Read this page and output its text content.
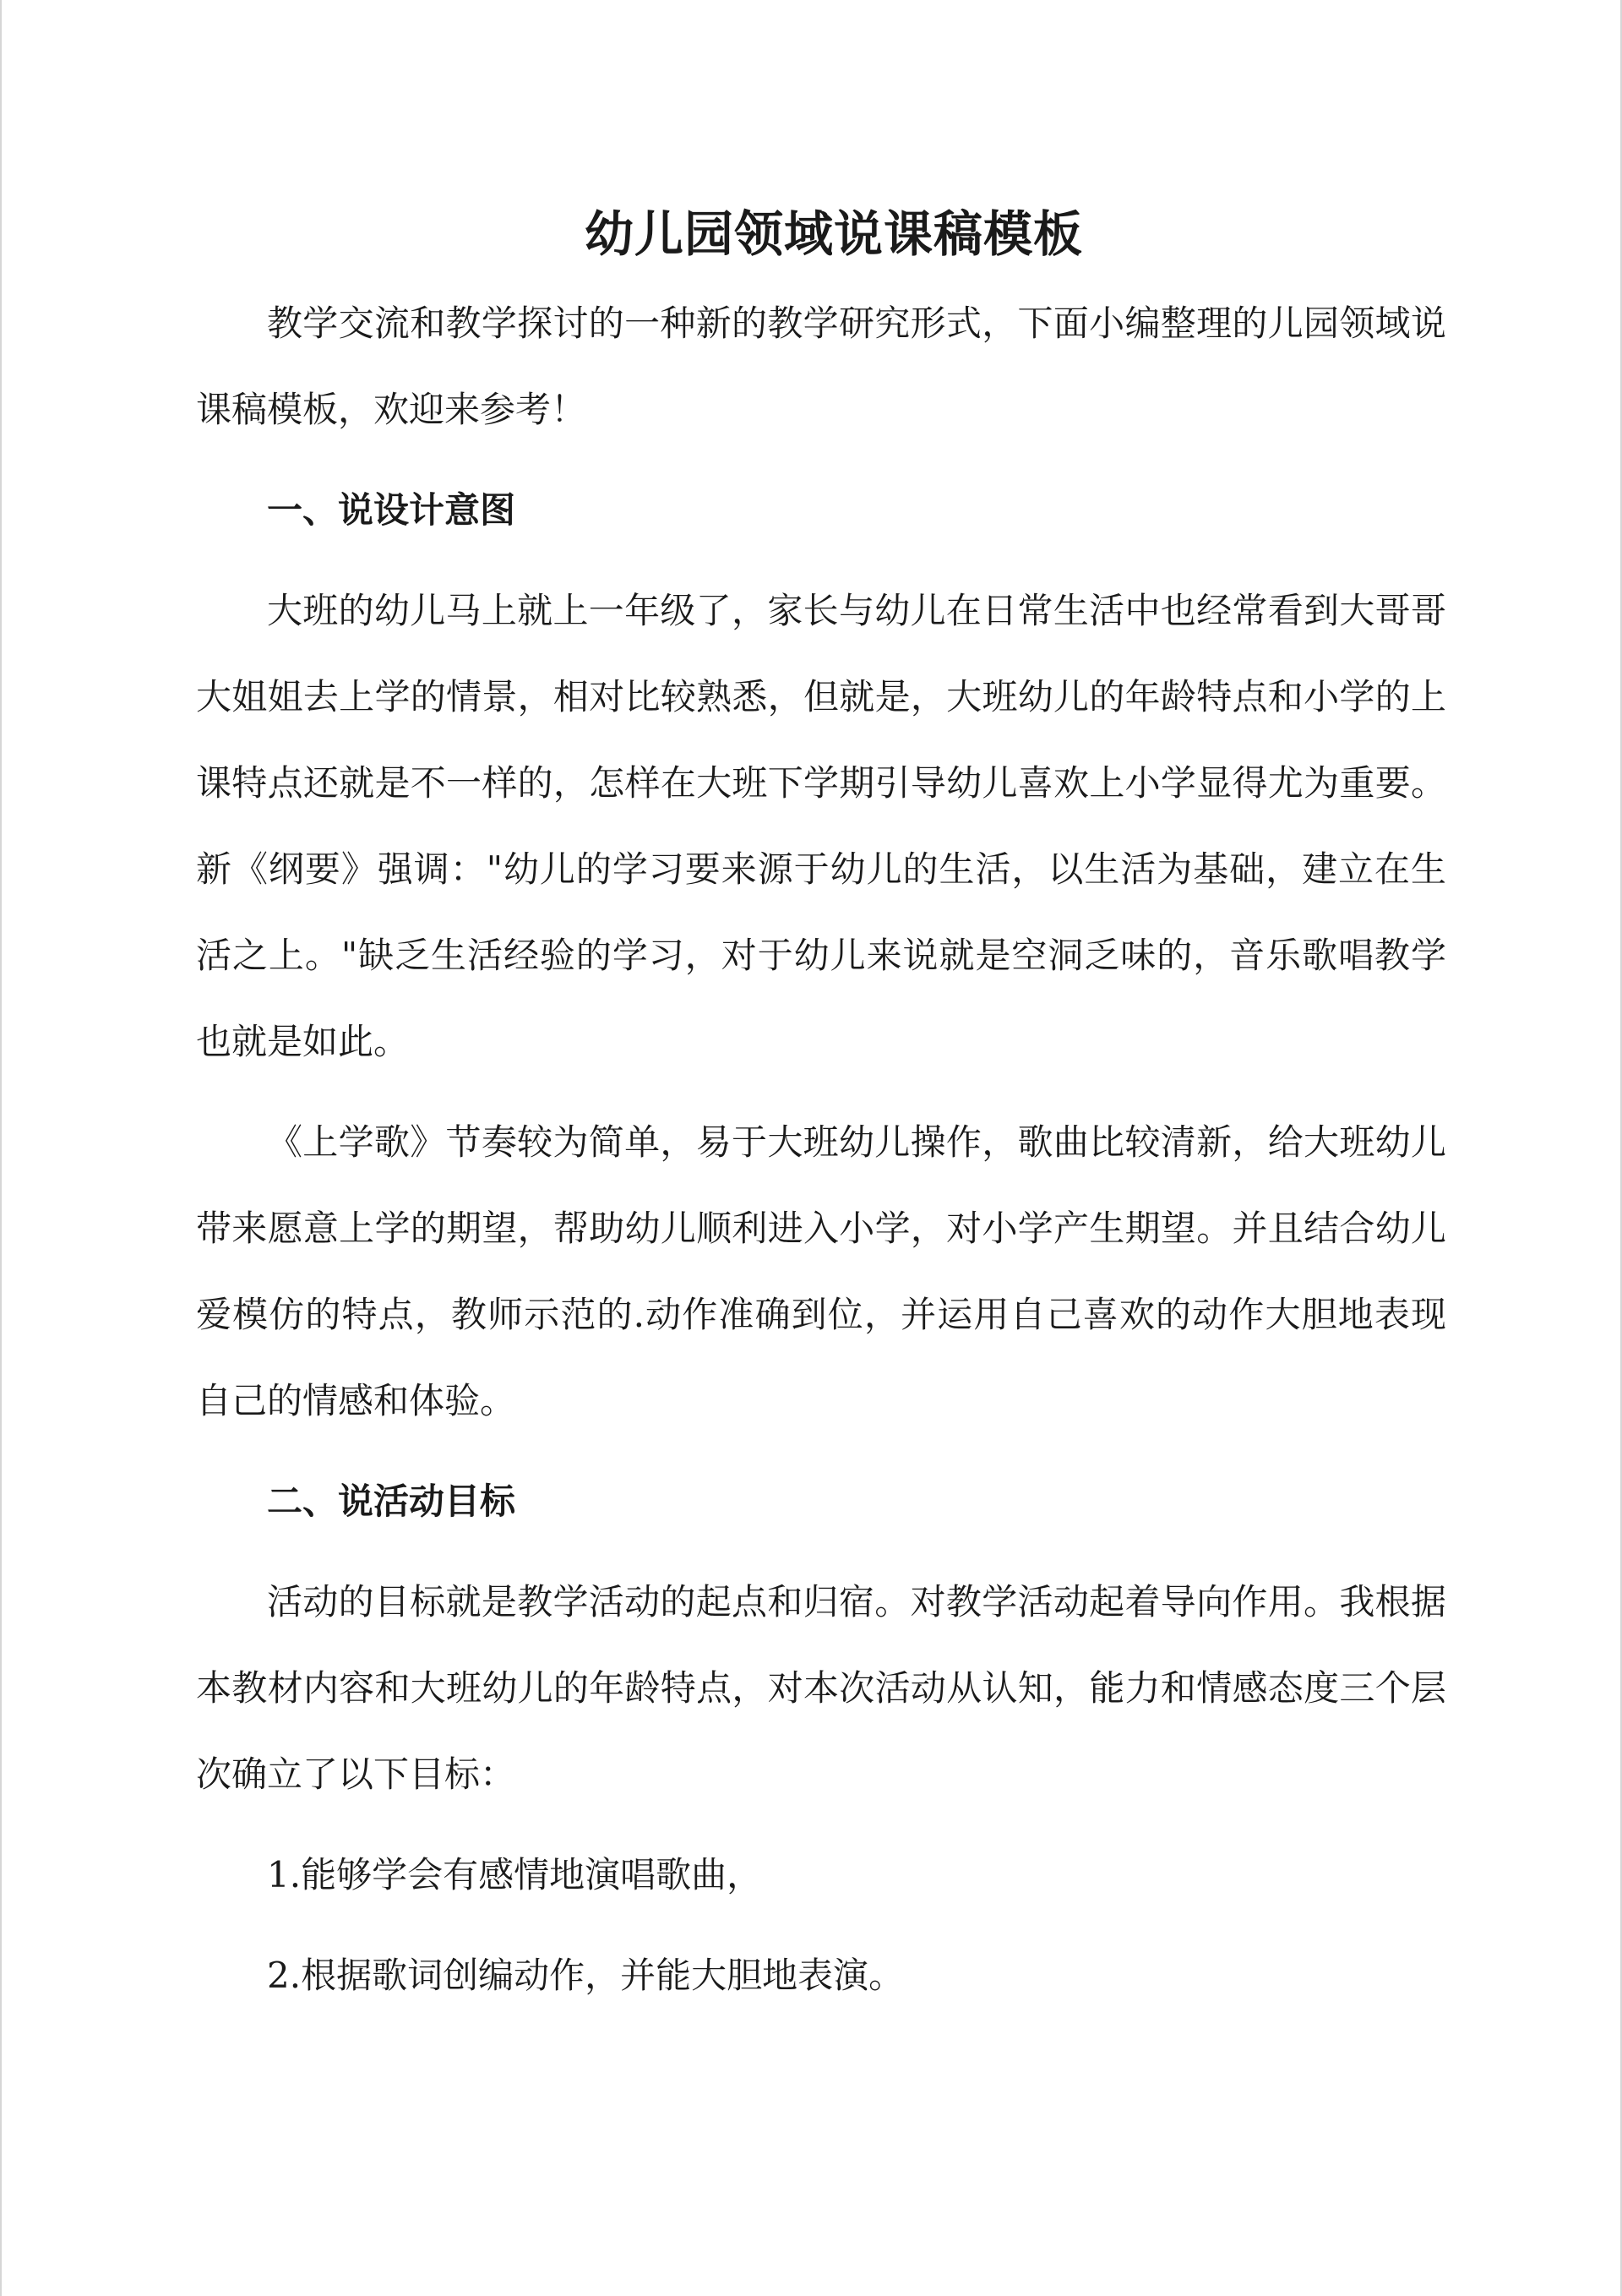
幼儿园领域说课稿模板

教学交流和教学探讨的一种新的教学研究形式，下面小编整理的儿园领域说课稿模板，欢迎来参考！

一、说设计意图

大班的幼儿马上就上一年级了，家长与幼儿在日常生活中也经常看到大哥哥大姐姐去上学的情景，相对比较熟悉，但就是，大班幼儿的年龄特点和小学的上课特点还就是不一样的，怎样在大班下学期引导幼儿喜欢上小学显得尤为重要。新《纲要》强调："幼儿的学习要来源于幼儿的生活，以生活为基础，建立在生活之上。"缺乏生活经验的学习，对于幼儿来说就是空洞乏味的，音乐歌唱教学也就是如此。

《上学歌》节奏较为简单，易于大班幼儿操作，歌曲比较清新，给大班幼儿带来愿意上学的期望，帮助幼儿顺利进入小学，对小学产生期望。并且结合幼儿爱模仿的特点，教师示范的.动作准确到位，并运用自己喜欢的动作大胆地表现自己的情感和体验。

二、说活动目标

活动的目标就是教学活动的起点和归宿。对教学活动起着导向作用。我根据本教材内容和大班幼儿的年龄特点，对本次活动从认知，能力和情感态度三个层次确立了以下目标：

1.能够学会有感情地演唱歌曲，

2.根据歌词创编动作，并能大胆地表演。
